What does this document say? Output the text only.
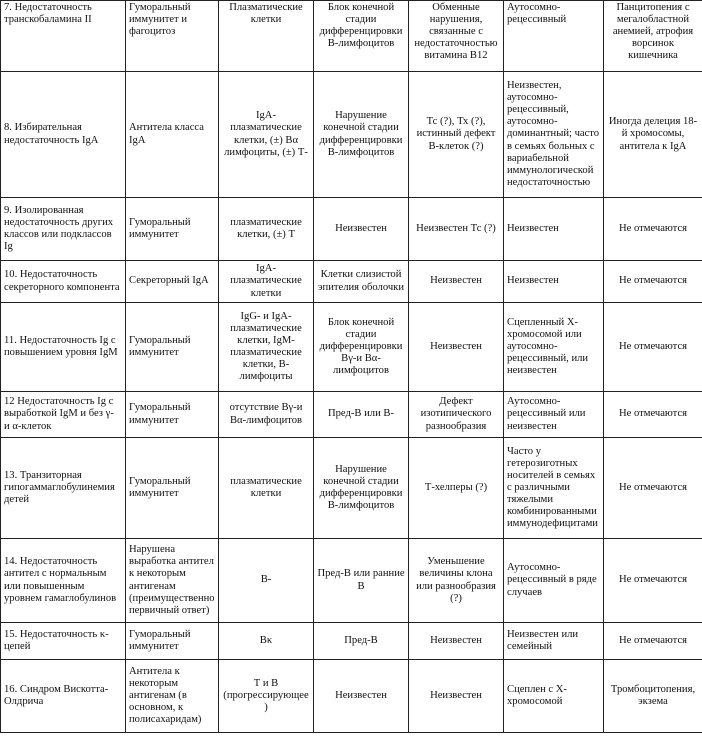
7. Недостаточность транскобаламина II	Гуморальный иммунитет и фагоцитоз	Плазматические клетки	Блок конечной стадии дифференцировки В-лимфоцитов	Обменные нарушения, связанные с недостаточностью витамина В12	Аутосомно-рецессивный	Панцитопения с мегалобластной анемией, атрофия ворсинок кишечника
8. Избирательная недостаточность IgA	Антитела класса IgA	IgA-плазматические клетки, (±) Вα лимфоциты, (±) Т-	Нарушение конечной стадии дифференцировки В-лимфоцитов	Тс (?), Тх (?), истинный дефект В-клеток (?)	Неизвестен, аутосомно-рецессивный, аутосомно-доминантный; часто в семьях больных с вариабельной иммунологической недостаточностью	Иногда делеция 18-й хромосомы, антитела к IgA
9. Изолированная недостаточность других классов или подклассов Ig	Гуморальный иммунитет	плазматические клетки, (±) Т	Неизвестен	Неизвестен Тс (?)	Неизвестен	Не отмечаются
10. Недостаточность секреторного компонента	Секреторный IgA	IgA-плазматические клетки	Клетки слизистой эпителия оболочки	Неизвестен	Неизвестен	Не отмечаются
11. Недостаточность Ig с повышением уровня IgM	Гуморальный иммунитет	IgG- и IgA-плазматические клетки, IgM-плазматические клетки, В-лимфоциты	Блок конечной стадии дифференцировки Вγ-и Вα-лимфоцитов	Неизвестен	Сцепленный Х-хромосомой или аутосомно-рецессивный, или неизвестен	Не отмечаются
12 Недостаточность Ig с выработкой IgM и без γ- и α-клеток	Гуморальный иммунитет	отсутствие Вγ-и Вα-лимфоцитов	Пред-В или В-	Дефект изотипического разнообразия	Аутосомно-рецессивный или неизвестен	Не отмечаются
13. Транзиторная гипогаммаглобулинемия детей	Гуморальный иммунитет	плазматические клетки	Нарушение конечной стадии дифференцировки В-лимфоцитов	Т-хелперы (?)	Часто у гетерозиготных носителей в семьях с различными тяжелыми комбинированными иммунодефицитами	Не отмечаются
14. Недостаточность антител с нормальным или повышенным уровнем гамаглобулинов	Нарушена выработка антител к некоторым антигенам (преимущественно первичный ответ)	В-	Пред-В или ранние В	Уменьшение величины клона или разнообразия (?)	Аутосомно-рецессивный в ряде случаев	Не отмечаются
15. Недостаточность κ-цепей	Гуморальный иммунитет	Вκ	Пред-В	Неизвестен	Неизвестен или семейный	Не отмечаются
16. Синдром Вискотта-Олдрича	Антитела к некоторым антигенам (в основном, к полисахаридам)	Т и В (прогрессирующее)	Неизвестен	Неизвестен	Сцеплен с Х-хромосомой	Тромбоцитопения, экзема
